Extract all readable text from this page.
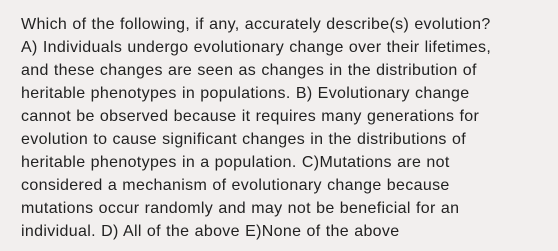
Which of the following, if any, accurately describe(s) evolution?
A) Individuals undergo evolutionary change over their lifetimes,
and these changes are seen as changes in the distribution of
heritable phenotypes in populations. B) Evolutionary change
cannot be observed because it requires many generations for
evolution to cause significant changes in the distributions of
heritable phenotypes in a population. C)Mutations are not
considered a mechanism of evolutionary change because
mutations occur randomly and may not be beneficial for an
individual. D) All of the above E)None of the above
